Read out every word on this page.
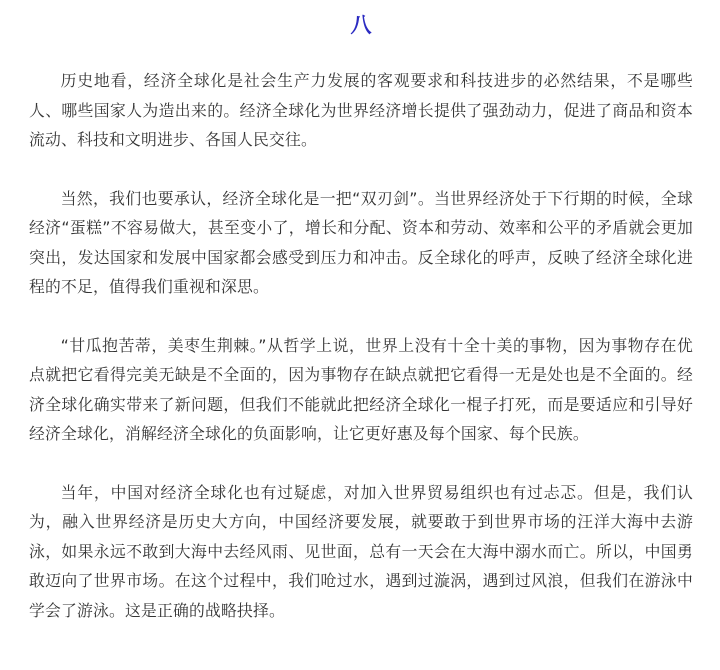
八

历史地看，经济全球化是社会生产力发展的客观要求和科技进步的必然结果，不是哪些人、哪些国家人为造出来的。经济全球化为世界经济增长提供了强劲动力，促进了商品和资本流动、科技和文明进步、各国人民交往。

当然，我们也要承认，经济全球化是一把“双刃剑”。当世界经济处于下行期的时候，全球经济“蛋糕”不容易做大，甚至变小了，增长和分配、资本和劳动、效率和公平的矛盾就会更加突出，发达国家和发展中国家都会感受到压力和冲击。反全球化的呼声，反映了经济全球化进程的不足，值得我们重视和深思。

“甘瓜抱苦蒂，美枣生荆棘。”从哲学上说，世界上没有十全十美的事物，因为事物存在优点就把它看得完美无缺是不全面的，因为事物存在缺点就把它看得一无是处也是不全面的。经济全球化确实带来了新问题，但我们不能就此把经济全球化一棍子打死，而是要适应和引导好经济全球化，消解经济全球化的负面影响，让它更好惠及每个国家、每个民族。

当年，中国对经济全球化也有过疑虑，对加入世界贸易组织也有过忐忑。但是，我们认为，融入世界经济是历史大方向，中国经济要发展，就要敢于到世界市场的汪洋大海中去游泳，如果永远不敢到大海中去经风雨、见世面，总有一天会在大海中溺水而亡。所以，中国勇敢迈向了世界市场。在这个过程中，我们呛过水，遇到过漩涡，遇到过风浪，但我们在游泳中学会了游泳。这是正确的战略抉择。
